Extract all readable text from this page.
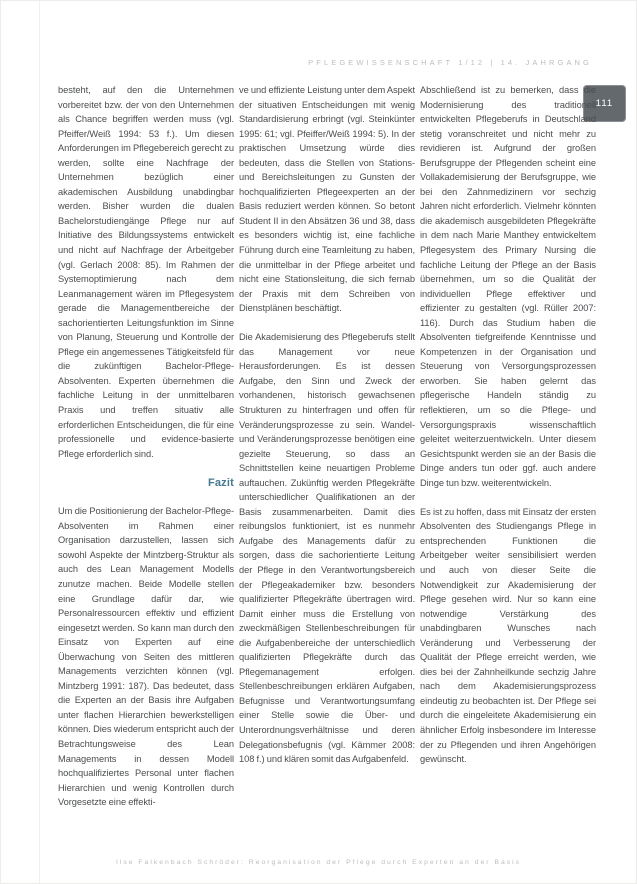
PFLEGEWISSENSCHAFT 1/12 | 14. JAHRGANG
111

besteht, auf den die Unternehmen vorbereitet bzw. der von den Unternehmen als Chance begriffen werden muss (vgl. Pfeiffer/Weiß 1994: 53 f.). Um diesen Anforderungen im Pflegebereich gerecht zu werden, sollte eine Nachfrage der Unternehmen bezüglich einer akademischen Ausbildung unabdingbar werden. Bisher wurden die dualen Bachelorstudiengänge Pflege nur auf Initiative des Bildungssystems entwickelt und nicht auf Nachfrage der Arbeitgeber (vgl. Gerlach 2008: 85). Im Rahmen der Systemoptimierung nach dem Leanmanagement wären im Pflegesystem gerade die Managementbereiche der sachorientierten Leitungsfunktion im Sinne von Planung, Steuerung und Kontrolle der Pflege ein angemessenes Tätigkeitsfeld für die zukünftigen Bachelor-Pflege-Absolventen. Experten übernehmen die fachliche Leitung in der unmittelbaren Praxis und treffen situativ alle erforderlichen Entscheidungen, die für eine professionelle und evidence-basierte Pflege erforderlich sind.

Fazit

Um die Positionierung der Bachelor-Pflege-Absolventen im Rahmen einer Organisation darzustellen, lassen sich sowohl Aspekte der Mintzberg-Struktur als auch des Lean Management Modells zunutze machen. Beide Modelle stellen eine Grundlage dafür dar, wie Personalressourcen effektiv und effizient eingesetzt werden. So kann man durch den Einsatz von Experten auf eine Überwachung von Seiten des mittleren Managements verzichten können (vgl. Mintzberg 1991: 187). Das bedeutet, dass die Experten an der Basis ihre Aufgaben unter flachen Hierarchien bewerkstelligen können. Dies wiederum entspricht auch der Betrachtungsweise des Lean Managements in dessen Modell hochqualifiziertes Personal unter flachen Hierarchien und wenig Kontrollen durch Vorgesetzte eine effekti-

ve und effiziente Leistung unter dem Aspekt der situativen Entscheidungen mit wenig Standardisierung erbringt (vgl. Steinkünter 1995: 61; vgl. Pfeiffer/Weiß 1994: 5). In der praktischen Umsetzung würde dies bedeuten, dass die Stellen von Stations- und Bereichsleitungen zu Gunsten der hochqualifizierten Pflegeexperten an der Basis reduziert werden können. So betont Student II in den Absätzen 36 und 38, dass es besonders wichtig ist, eine fachliche Führung durch eine Teamleitung zu haben, die unmittelbar in der Pflege arbeitet und nicht eine Stationsleitung, die sich fernab der Praxis mit dem Schreiben von Dienstplänen beschäftigt.

Die Akademisierung des Pflegeberufs stellt das Management vor neue Herausforderungen. Es ist dessen Aufgabe, den Sinn und Zweck der vorhandenen, historisch gewachsenen Strukturen zu hinterfragen und offen für Veränderungsprozesse zu sein. Wandel- und Veränderungsprozesse benötigen eine gezielte Steuerung, so dass an Schnittstellen keine neuartigen Probleme auftauchen. Zukünftig werden Pflegekräfte unterschiedlicher Qualifikationen an der Basis zusammenarbeiten. Damit dies reibungslos funktioniert, ist es nunmehr Aufgabe des Managements dafür zu sorgen, dass die sachorientierte Leitung der Pflege in den Verantwortungsbereich der Pflegeakademiker bzw. besonders qualifizierter Pflegekräfte übertragen wird. Damit einher muss die Erstellung von zweckmäßigen Stellenbeschreibungen für die Aufgabenbereiche der unterschiedlich qualifizierten Pflegekräfte durch das Pflegemanagement erfolgen. Stellenbeschreibungen erklären Aufgaben, Befugnisse und Verantwortungsumfang einer Stelle sowie die Über- und Unterordnungsverhältnisse und deren Delegationsbefugnis (vgl. Kämmer 2008: 108 f.) und klären somit das Aufgabenfeld.

Abschließend ist zu bemerken, dass die Modernisierung des traditionell entwickelten Pflegeberufs in Deutschland stetig voranschreitet und nicht mehr zu revidieren ist. Aufgrund der großen Berufsgruppe der Pflegenden scheint eine Vollakademisierung der Berufsgruppe, wie bei den Zahnmedizinern vor sechzig Jahren nicht erforderlich. Vielmehr könnten die akademisch ausgebildeten Pflegekräfte in dem nach Marie Manthey entwickeltem Pflegesystem des Primary Nursing die fachliche Leitung der Pflege an der Basis übernehmen, um so die Qualität der individuellen Pflege effektiver und effizienter zu gestalten (vgl. Rüller 2007: 116). Durch das Studium haben die Absolventen tiefgreifende Kenntnisse und Kompetenzen in der Organisation und Steuerung von Versorgungsprozessen erworben. Sie haben gelernt das pflegerische Handeln ständig zu reflektieren, um so die Pflege- und Versorgungspraxis wissenschaftlich geleitet weiterzuentwickeln. Unter diesem Gesichtspunkt werden sie an der Basis die Dinge anders tun oder ggf. auch andere Dinge tun bzw. weiterentwickeln.

Es ist zu hoffen, dass mit Einsatz der ersten Absolventen des Studiengangs Pflege in entsprechenden Funktionen die Arbeitgeber weiter sensibilisiert werden und auch von dieser Seite die Notwendigkeit zur Akademisierung der Pflege gesehen wird. Nur so kann eine notwendige Verstärkung des unabdingbaren Wunsches nach Veränderung und Verbesserung der Qualität der Pflege erreicht werden, wie dies bei der Zahnheilkunde sechzig Jahre nach dem Akademisierungsprozess eindeutig zu beobachten ist. Der Pflege sei durch die eingeleitete Akademisierung ein ähnlicher Erfolg insbesondere im Interesse der zu Pflegenden und ihren Angehörigen gewünscht.

Ilse Falkenbach Schröder: Reorganisation der Pflege durch Experten an der Basis
